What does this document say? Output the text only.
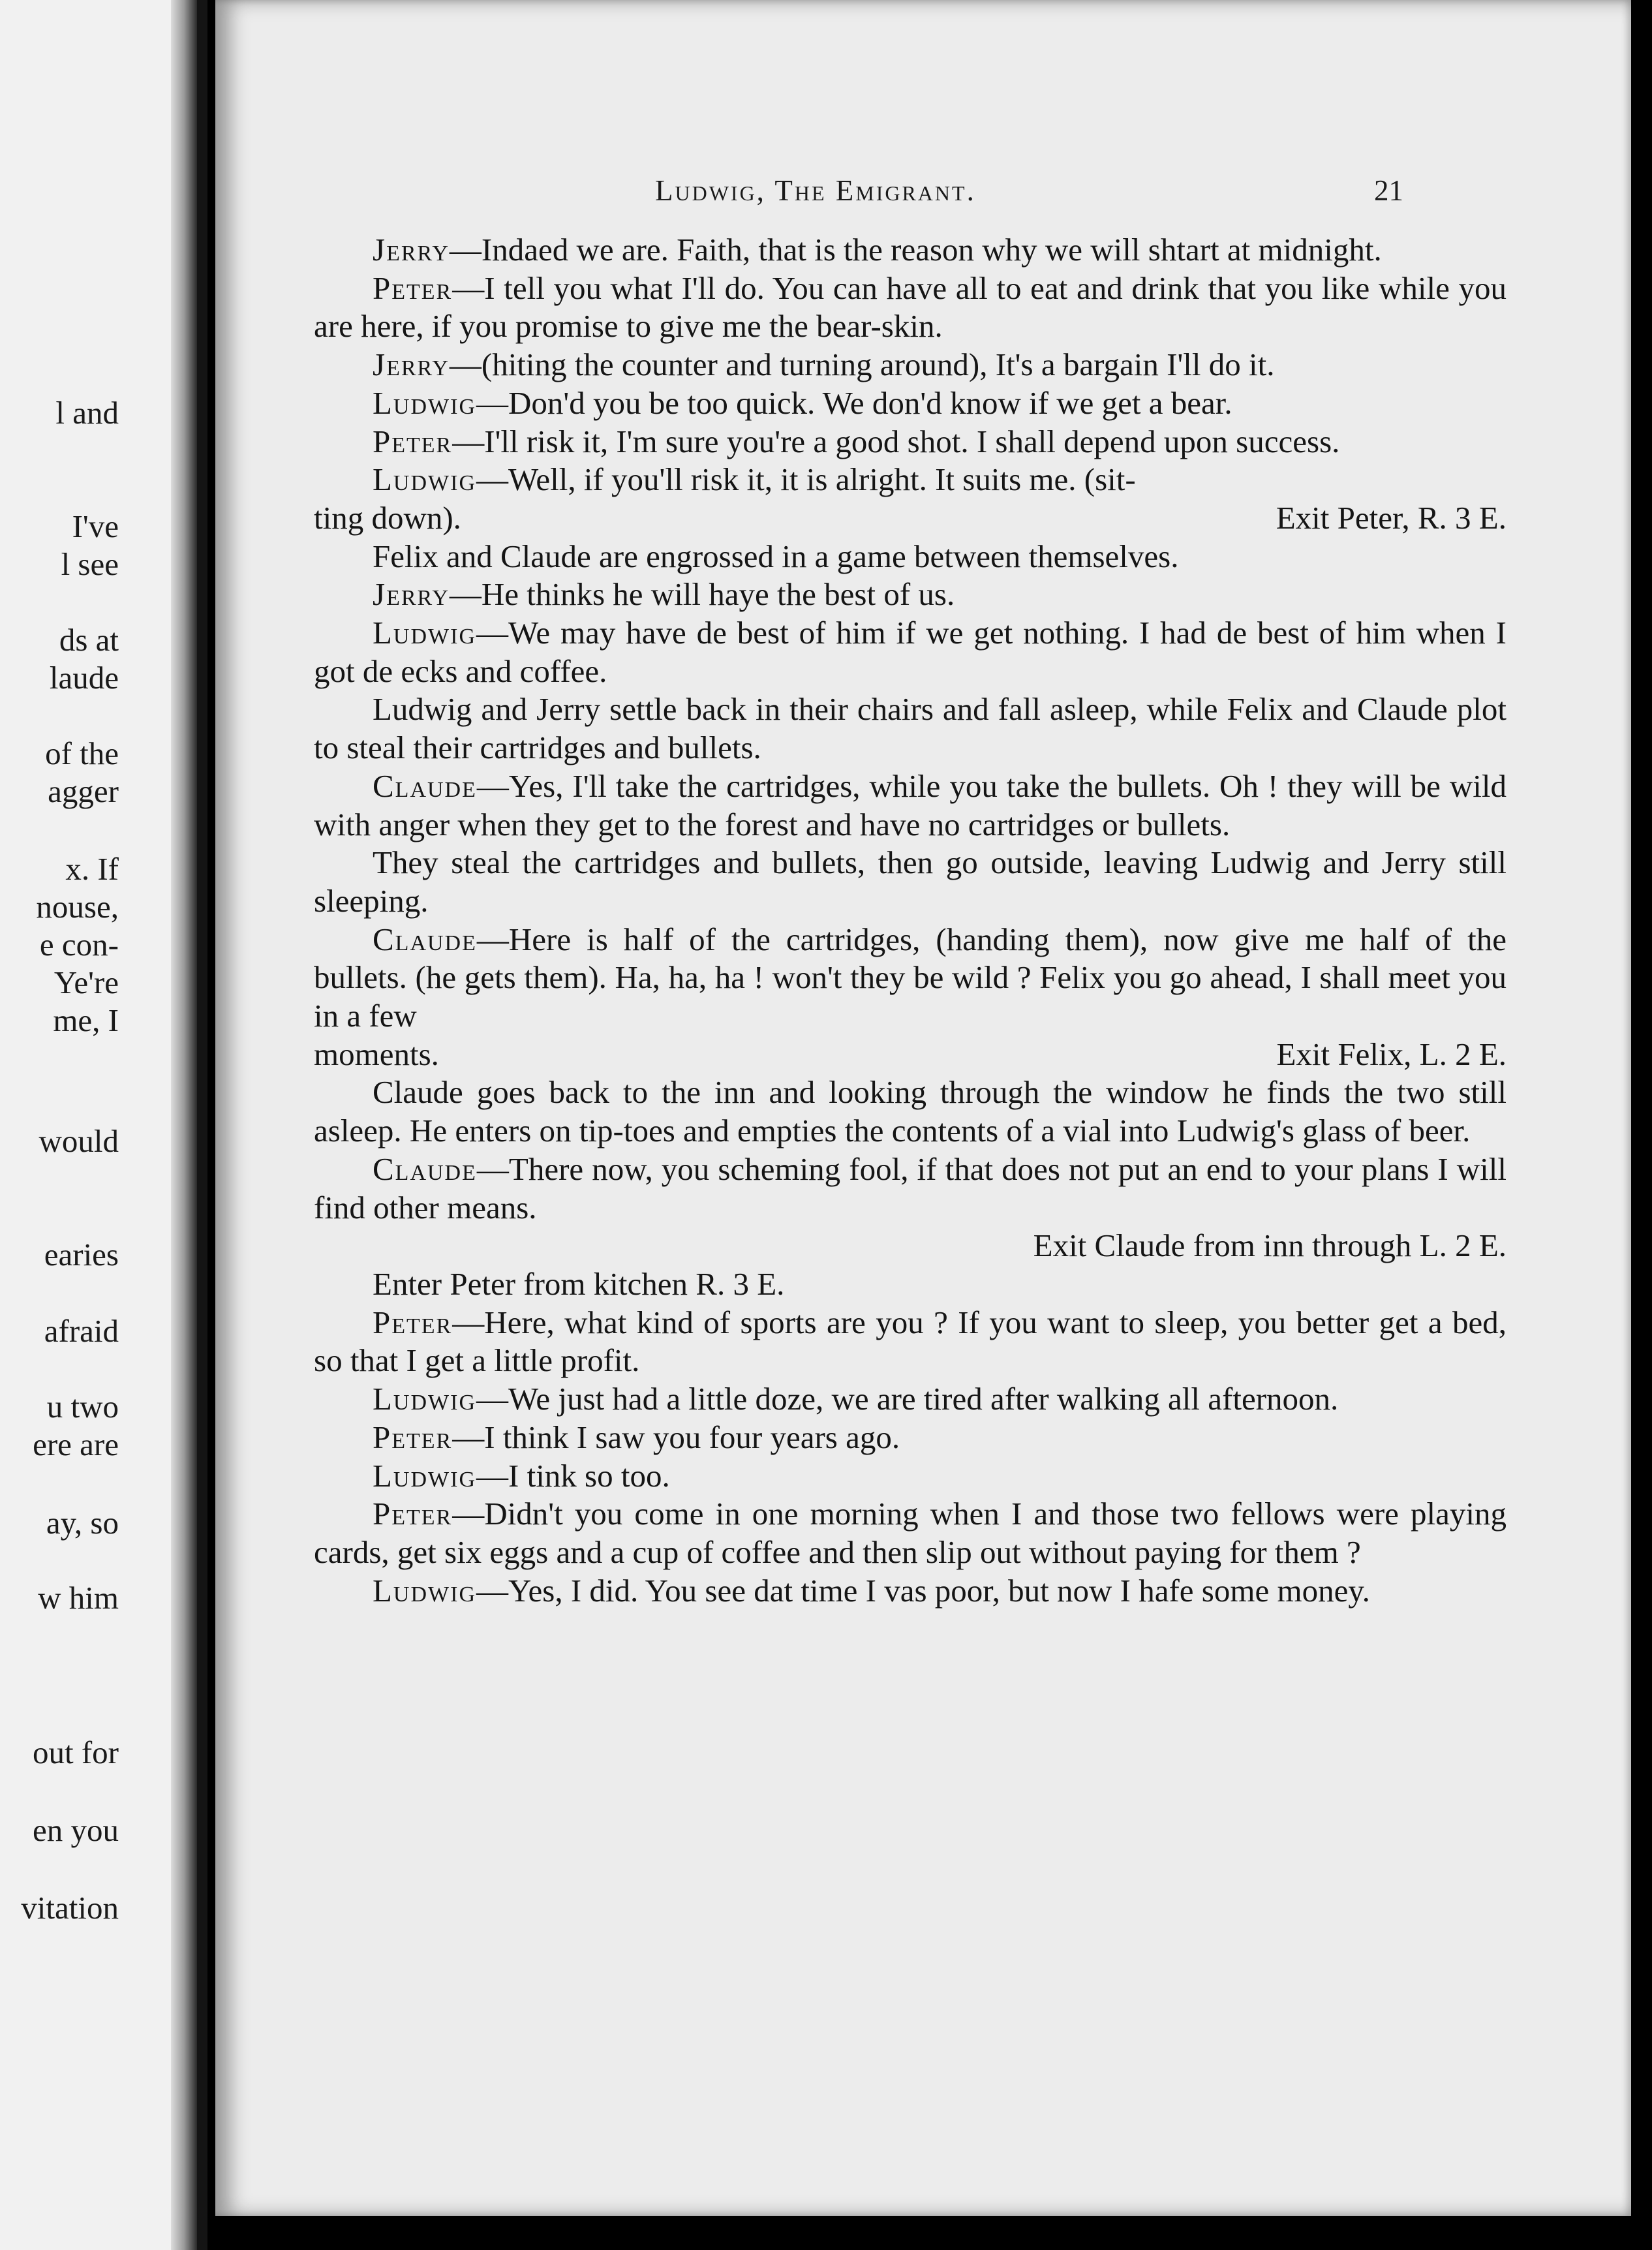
l and
I've
l see
ds at
laude
of the
agger
x. If
nouse,
e con-
Ye're
me, I
would
earies
afraid
u two
ere are
ay, so
w him
out for
en you
vitation
Ludwig, The Emigrant.	21

Jerry—Indaed we are. Faith, that is the reason why we will shtart at midnight.

Peter—I tell you what I'll do. You can have all to eat and drink that you like while you are here, if you promise to give me the bear-skin.

Jerry—(hiting the counter and turning around), It's a bargain I'll do it.

Ludwig—Don'd you be too quick. We don'd know if we get a bear.

Peter—I'll risk it, I'm sure you're a good shot. I shall depend upon success.

Ludwig—Well, if you'll risk it, it is alright. It suits me. (sit-

ting down).	Exit Peter, R. 3 E.

Felix and Claude are engrossed in a game between themselves.

Jerry—He thinks he will haye the best of us.

Ludwig—We may have de best of him if we get nothing. I had de best of him when I got de ecks and coffee.

Ludwig and Jerry settle back in their chairs and fall asleep, while Felix and Claude plot to steal their cartridges and bullets.

Claude—Yes, I'll take the cartridges, while you take the bullets. Oh ! they will be wild with anger when they get to the forest and have no cartridges or bullets.

They steal the cartridges and bullets, then go outside, leaving Ludwig and Jerry still sleeping.

Claude—Here is half of the cartridges, (handing them), now give me half of the bullets. (he gets them). Ha, ha, ha ! won't they be wild ? Felix you go ahead, I shall meet you in a few

moments.	Exit Felix, L. 2 E.

Claude goes back to the inn and looking through the window he finds the two still asleep. He enters on tip-toes and empties the contents of a vial into Ludwig's glass of beer.

Claude—There now, you scheming fool, if that does not put an end to your plans I will find other means.

Exit Claude from inn through L. 2 E.

Enter Peter from kitchen R. 3 E.

Peter—Here, what kind of sports are you ? If you want to sleep, you better get a bed, so that I get a little profit.

Ludwig—We just had a little doze, we are tired after walking all afternoon.

Peter—I think I saw you four years ago.

Ludwig—I tink so too.

Peter—Didn't you come in one morning when I and those two fellows were playing cards, get six eggs and a cup of coffee and then slip out without paying for them ?

Ludwig—Yes, I did. You see dat time I vas poor, but now I hafe some money.
